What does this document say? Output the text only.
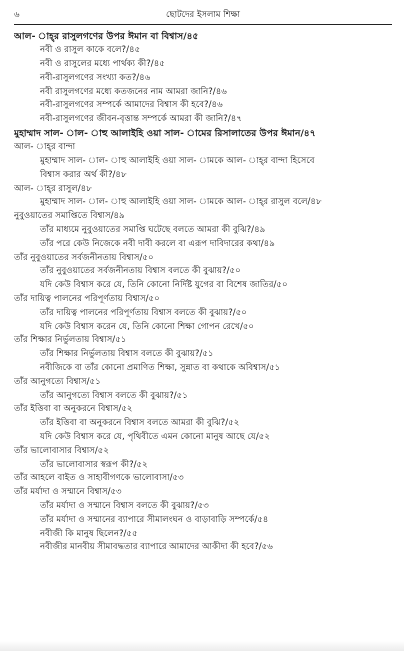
৬	ছোটদের ইসলাম শিক্ষা
আল- াহ্‌র রাসুলগণের উপর ঈমান বা বিশ্বাস/৪৫
নবী ও রাসুল কাকে বলে?/৪৫
নবী ও রাসুলের মধ্যে পার্থক্য কী?/৪৫
নবী-রাসুলগণের সংখ্যা কত?/৪৬
নবী রাসুলগণের মধ্যে কতজনের নাম আমরা জানি?/৪৬
নবী-রাসুলগণের সম্পর্কে আমাদের বিশ্বাস কী হবে?/৪৬
নবী-রাসুলগণের জীবন-বৃত্তান্ত সম্পর্কে আমরা কী জানি?/৪৭
মুহাম্মাদ সাল- াল- াহু আলাইহি ওয়া সাল- ামের রিসালাতের উপর ঈমান/৪৭
আল- াহ্‌র বান্দা
মুহাম্মাদ সাল- াল- াহু আলাইহি ওয়া সাল- ামকে আল- াহ্‌র বান্দা হিসেবে
বিশ্বাস করার অর্থ কী?/৪৮
আল- াহ্‌র রাসুল/৪৮
মুহাম্মাদ সাল- াল- াহু আলাইহি ওয়া সাল- ামকে আল- াহ্‌র রাসুল বলে/৪৮
নুবুওয়াতের সমাপ্তিতে বিশ্বাস/৪৯
তাঁর মাধ্যমে নুবুওয়াতের সমাপ্তি ঘটেছে বলতে আমরা কী বুঝি?/৪৯
তাঁর পরে কেউ নিজেকে নবী দাবী করলে বা এরূপ দাবিদারের কথা/৪৯
তাঁর নুবুওয়াতের সর্বজনীনতায় বিশ্বাস/৫০
তাঁর নুবুওয়াতের সর্বজনীনতায় বিশ্বাস বলতে কী বুঝায়?/৫০
যদি কেউ বিশ্বাস করে যে, তিনি কোনো নির্দিষ্ট যুগের বা বিশেষ জাতির/৫০
তাঁর দায়িত্ব পালনের পরিপূর্ণতায় বিশ্বাস/৫০
তাঁর দায়িত্ব পালনের পরিপূর্ণতায় বিশ্বাস বলতে কী বুঝায়?/৫০
যদি কেউ বিশ্বাস করেন যে, তিনি কোনো শিক্ষা গোপন রেখে/৫০
তাঁর শিক্ষার নির্ভুলতায় বিশ্বাস/৫১
তাঁর শিক্ষার নির্ভুলতায় বিশ্বাস বলতে কী বুঝায়?/৫১
নবীজিকে বা তাঁর কোনো প্রমাণিত শিক্ষা, সুন্নাত বা কথাকে অবিশ্বাস/৫১
তাঁর আনুগত্যে বিশ্বাস/৫১
তাঁর আনুগত্যে বিশ্বাস বলতে কী বুঝায়?/৫১
তাঁর ইত্তিবা বা অনুকরনে বিশ্বাস/৫২
তাঁর ইত্তিবা বা অনুকরনে বিশ্বাস বলতে আমরা কী বুঝি?/৫২
যদি কেউ বিশ্বাস করে যে, পৃথিবীতে এমন কোনো মানুষ আছে যে/৫২
তাঁর ভালোবাসার বিশ্বাস/৫২
তাঁর ভালোবাসার স্বরূপ কী?/৫২
তাঁর আহলে বাইত ও সাহাবীগণকে ভালোবাসা/৫৩
তাঁর মর্যাদা ও সম্মানে বিশ্বাস/৫৩
তাঁর মর্যাদা ও সম্মানে বিশ্বাস বলতে কী বুঝায়?/৫৩
তাঁর মর্যাদা ও সম্মানের ব্যাপারে সীমালংঘন ও বাড়াবাড়ি সম্পর্কে/৫৪
নবীজী কি মানুষ ছিলেন?/৫৫
নবীজীর মানবীয় সীমাবদ্ধতার ব্যাপারে আমাদের আকীদা কী হবে?/৫৬
